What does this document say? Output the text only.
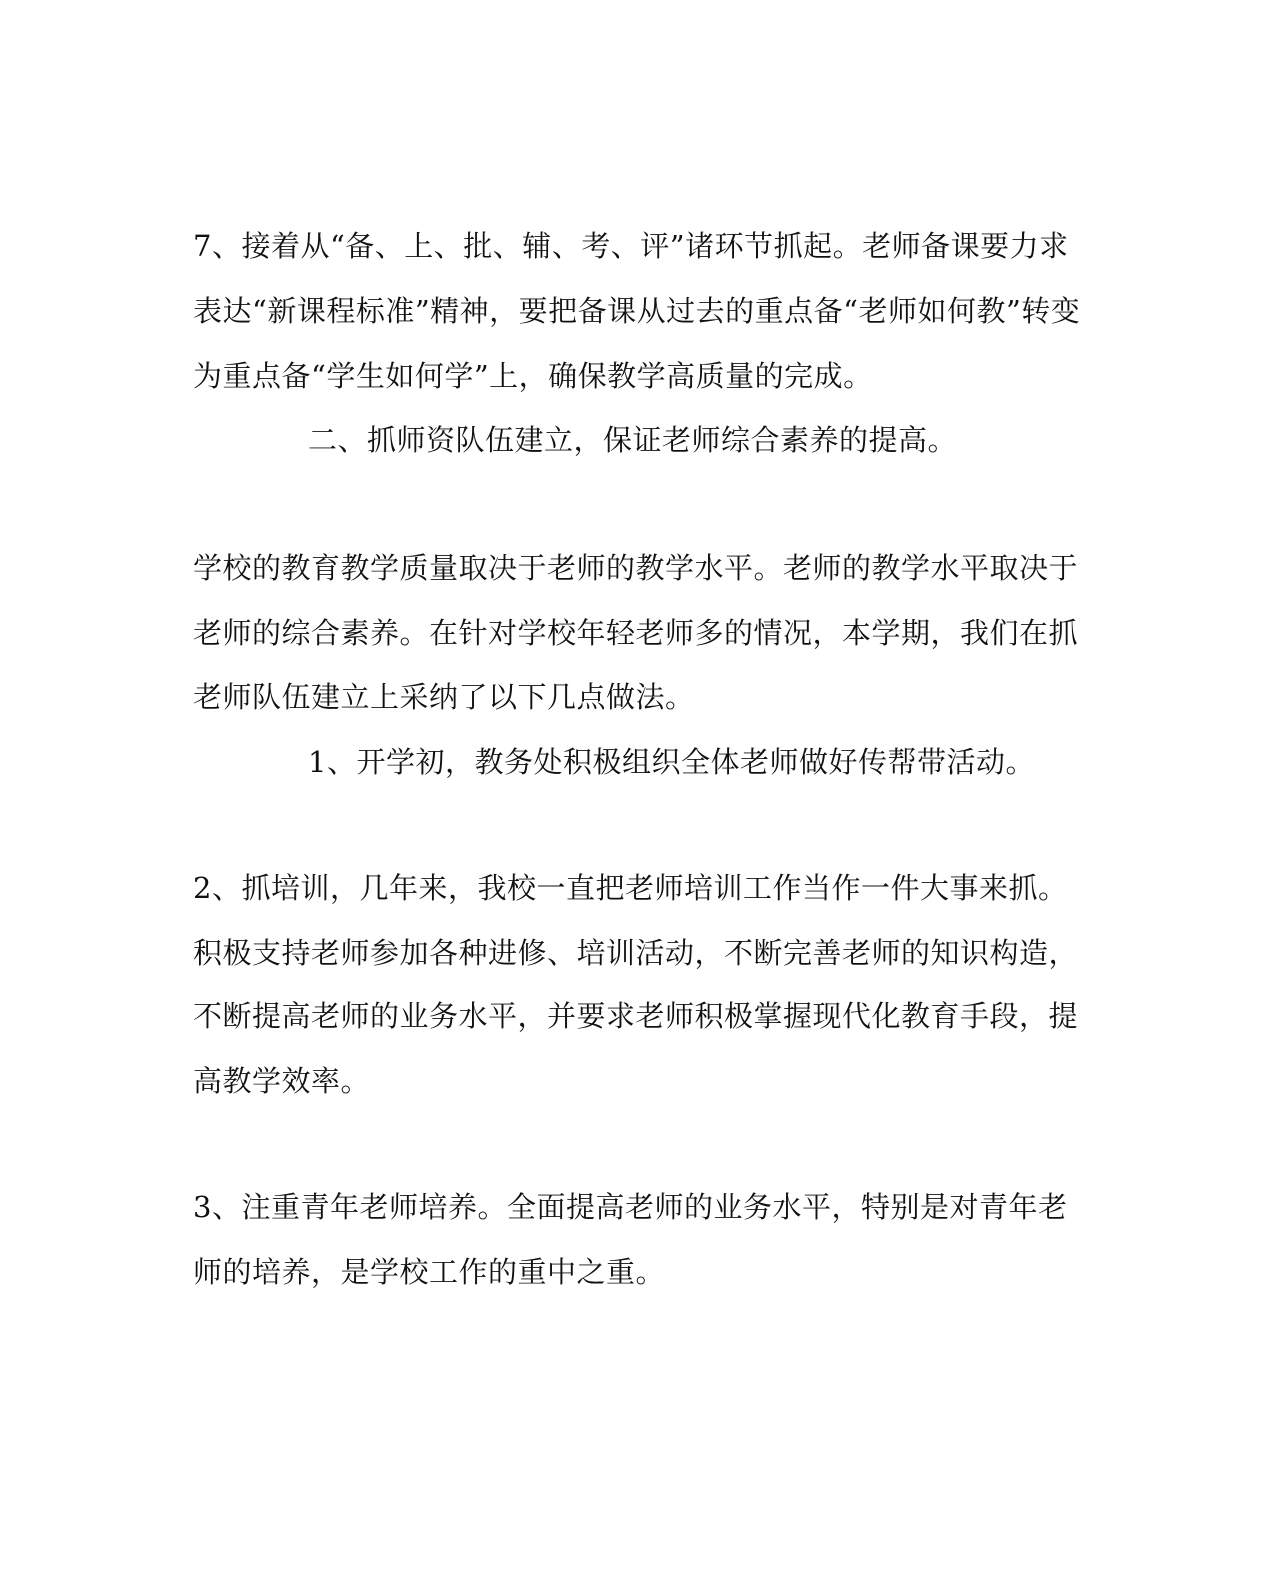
7、接着从“备、上、批、辅、考、评”诸环节抓起。老师备课要力求
表达“新课程标准”精神，要把备课从过去的重点备“老师如何教”转变
为重点备“学生如何学”上，确保教学高质量的完成。
二、抓师资队伍建立，保证老师综合素养的提高。
学校的教育教学质量取决于老师的教学水平。老师的教学水平取决于
老师的综合素养。在针对学校年轻老师多的情况，本学期，我们在抓
老师队伍建立上采纳了以下几点做法。
1、开学初，教务处积极组织全体老师做好传帮带活动。
2、抓培训，几年来，我校一直把老师培训工作当作一件大事来抓。
积极支持老师参加各种进修、培训活动，不断完善老师的知识构造，
不断提高老师的业务水平，并要求老师积极掌握现代化教育手段，提
高教学效率。
3、注重青年老师培养。全面提高老师的业务水平，特别是对青年老
师的培养，是学校工作的重中之重。
